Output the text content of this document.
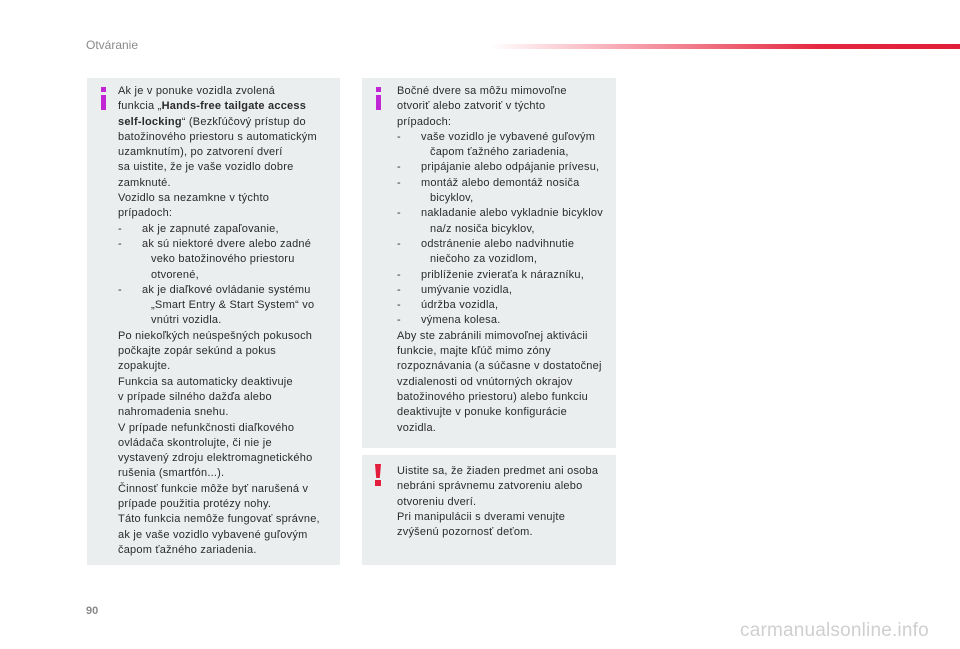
Otváranie
Ak je v ponuke vozidla zvolená
funkcia „Hands-free tailgate access
self-locking“ (Bezkľúčový prístup do
batožinového priestoru s automatickým
uzamknutím), po zatvorení dverí
sa uistite, že je vaše vozidlo dobre
zamknuté.
Vozidlo sa nezamkne v týchto
prípadoch:
- ak je zapnuté zapaľovanie,
- ak sú niektoré dvere alebo zadné
veko batožinového priestoru
otvorené,
- ak je diaľkové ovládanie systému
„Smart Entry & Start System“ vo
vnútri vozidla.
Po niekoľkých neúspešných pokusoch
počkajte zopár sekúnd a pokus
zopakujte.
Funkcia sa automaticky deaktivuje
v prípade silného dažďa alebo
nahromadenia snehu.
V prípade nefunkčnosti diaľkového
ovládača skontrolujte, či nie je
vystavený zdroju elektromagnetického
rušenia (smartfón...).
Činnosť funkcie môže byť narušená v
prípade použitia protézy nohy.
Táto funkcia nemôže fungovať správne,
ak je vaše vozidlo vybavené guľovým
čapom ťažného zariadenia.
Bočné dvere sa môžu mimovoľne
otvoriť alebo zatvoriť v týchto
prípadoch:
- vaše vozidlo je vybavené guľovým
čapom ťažného zariadenia,
- pripájanie alebo odpájanie prívesu,
- montáž alebo demontáž nosiča
bicyklov,
- nakladanie alebo vykladnie bicyklov
na/z nosiča bicyklov,
- odstránenie alebo nadvihnutie
niečoho za vozidlom,
- priblíženie zvieraťa k nárazníku,
- umývanie vozidla,
- údržba vozidla,
- výmena kolesa.
Aby ste zabránili mimovoľnej aktivácii
funkcie, majte kľúč mimo zóny
rozpoznávania (a súčasne v dostatočnej
vzdialenosti od vnútorných okrajov
batožinového priestoru) alebo funkciu
deaktivujte v ponuke konfigurácie
vozidla.
Uistite sa, že žiaden predmet ani osoba
nebráni správnemu zatvoreniu alebo
otvoreniu dverí.
Pri manipulácii s dverami venujte
zvýšenú pozornosť deťom.
90
carmanualsonline.info
